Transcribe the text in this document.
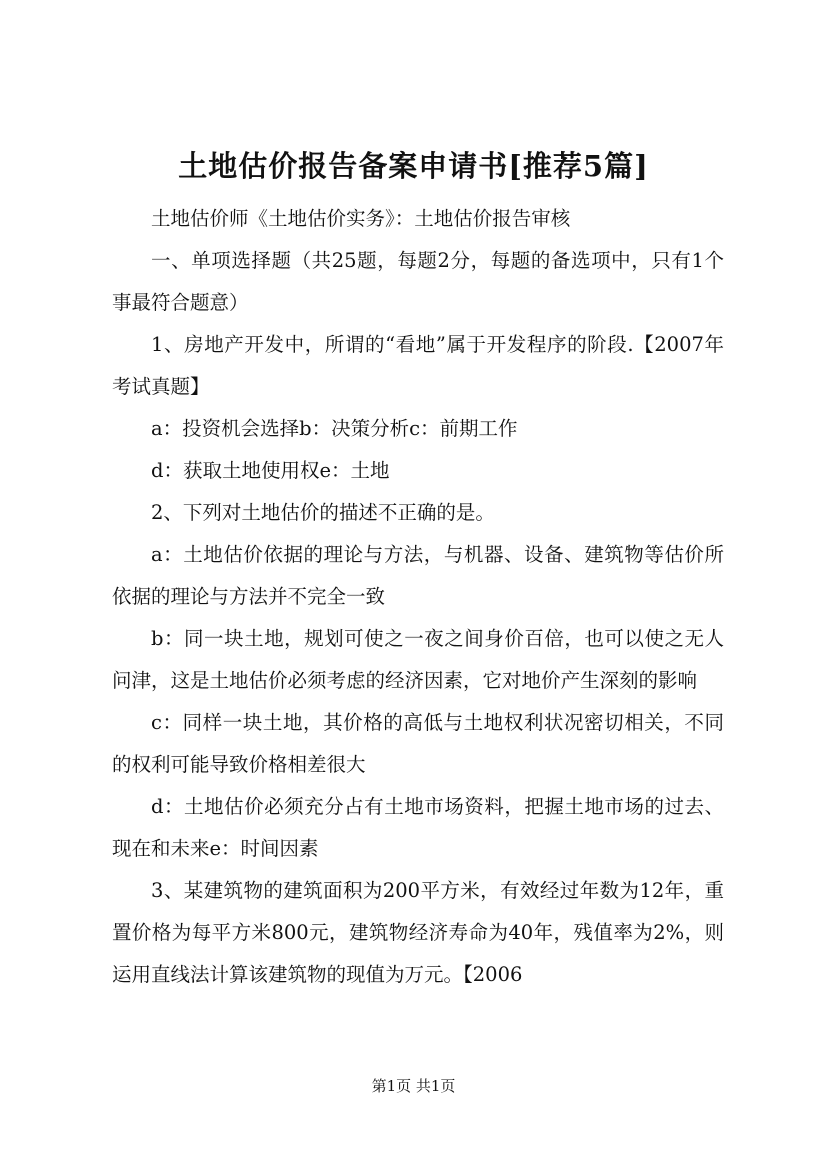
土地估价报告备案申请书[推荐5篇]

土地估价师《土地估价实务》：土地估价报告审核

一、单项选择题（共25题，每题2分，每题的备选项中，只有1个事最符合题意）

1、房地产开发中，所谓的“看地”属于开发程序的阶段.【2007年考试真题】

a：投资机会选择b：决策分析c：前期工作

d：获取土地使用权e：土地

2、下列对土地估价的描述不正确的是。

a：土地估价依据的理论与方法，与机器、设备、建筑物等估价所依据的理论与方法并不完全一致

b：同一块土地，规划可使之一夜之间身价百倍，也可以使之无人问津，这是土地估价必须考虑的经济因素，它对地价产生深刻的影响

c：同样一块土地，其价格的高低与土地权利状况密切相关，不同的权利可能导致价格相差很大

d：土地估价必须充分占有土地市场资料，把握土地市场的过去、现在和未来e：时间因素

3、某建筑物的建筑面积为200平方米，有效经过年数为12年，重置价格为每平方米800元，建筑物经济寿命为40年，残值率为2%，则运用直线法计算该建筑物的现值为万元。【2006

第1页 共1页
